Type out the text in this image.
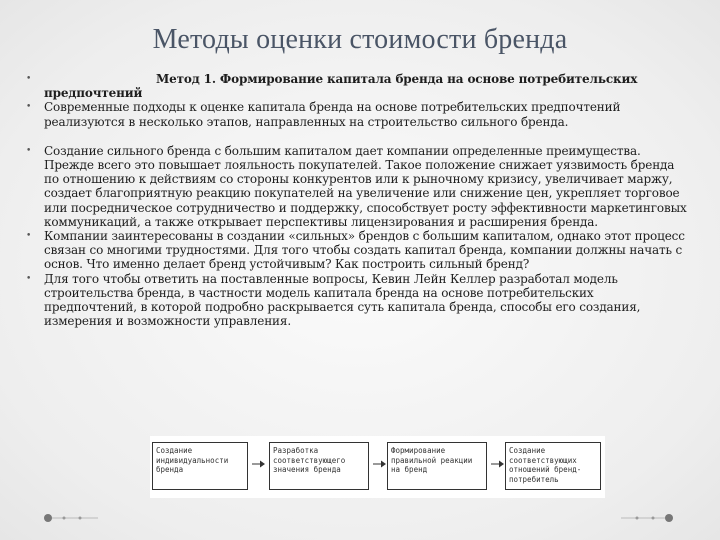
Методы оценки стоимости бренда
•	Метод 1. Формирование капитала бренда на основе потребительских предпочтений
•	Современные подходы к оценке капитала бренда на основе потребительских предпочтений реализуются в несколько этапов, направленных на строительство сильного бренда.
•	Создание сильного бренда с большим капиталом дает компании определенные преимущества. Прежде всего это повышает лояльность покупателей. Такое положение снижает уязвимость бренда по отношению к действиям со стороны конкурентов или к рыночному кризису, увеличивает маржу, создает благоприятную реакцию покупателей на увеличение или снижение цен, укрепляет торговое или посредническое сотрудничество и поддержку, способствует росту эффективности маркетинговых коммуникаций, а также открывает перспективы лицензирования и расширения бренда.
•	Компании заинтересованы в создании «сильных» брендов с большим капиталом, однако этот процесс связан со многими трудностями. Для того чтобы создать капитал бренда, компании должны начать с основ. Что именно делает бренд устойчивым? Как построить сильный бренд?
•	Для того чтобы ответить на поставленные вопросы, Кевин Лейн Келлер разработал модель строительства бренда, в частности модель капитала бренда на основе потребительских предпочтений, в которой подробно раскрывается суть капитала бренда, способы его создания, измерения и возможности управления.
Создание индивидуальности бренда
Разработка соответствующего значения бренда
Формирование правильной реакции на бренд
Создание соответствующих отношений бренд-потребитель
